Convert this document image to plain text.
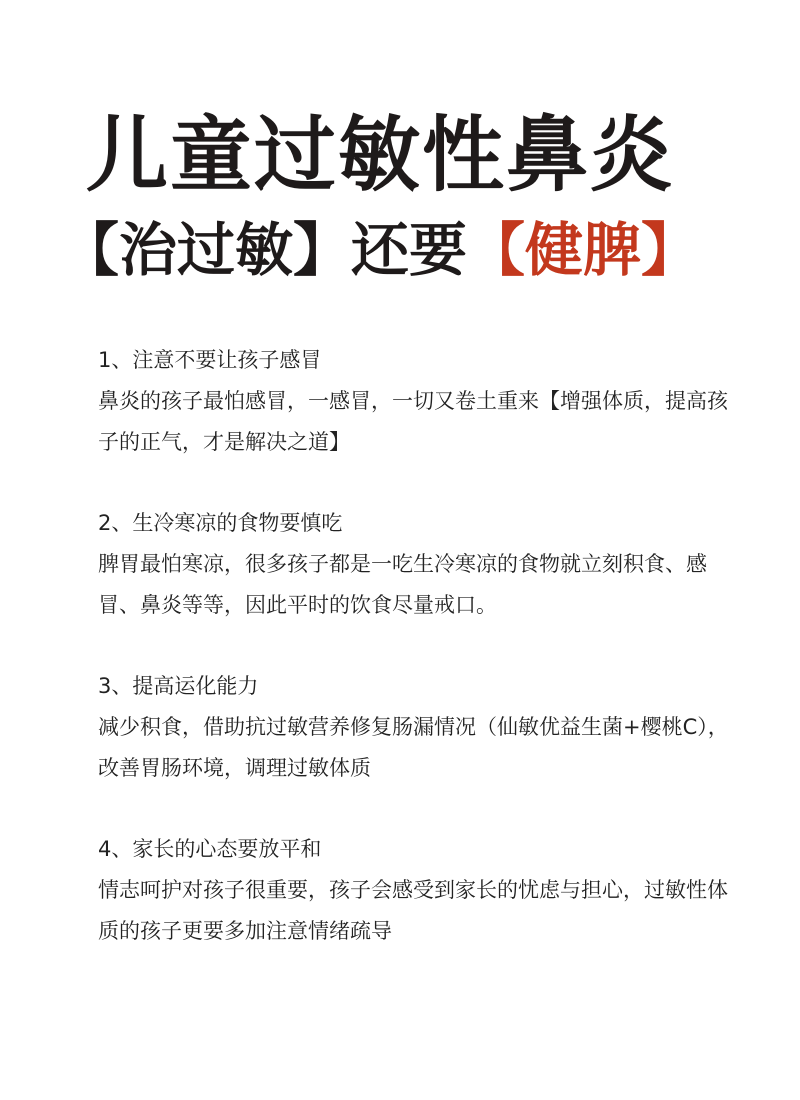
儿童过敏性鼻炎
【治过敏】还要【健脾】
1、注意不要让孩子感冒
鼻炎的孩子最怕感冒，一感冒，一切又卷土重来【增强体质，提高孩子的正气，才是解决之道】
2、生冷寒凉的食物要慎吃
脾胃最怕寒凉，很多孩子都是一吃生冷寒凉的食物就立刻积食、感冒、鼻炎等等，因此平时的饮食尽量戒口。
3、提高运化能力
减少积食，借助抗过敏营养修复肠漏情况（仙敏优益生菌+樱桃C），改善胃肠环境，调理过敏体质
4、家长的心态要放平和
情志呵护对孩子很重要，孩子会感受到家长的忧虑与担心，过敏性体质的孩子更要多加注意情绪疏导
